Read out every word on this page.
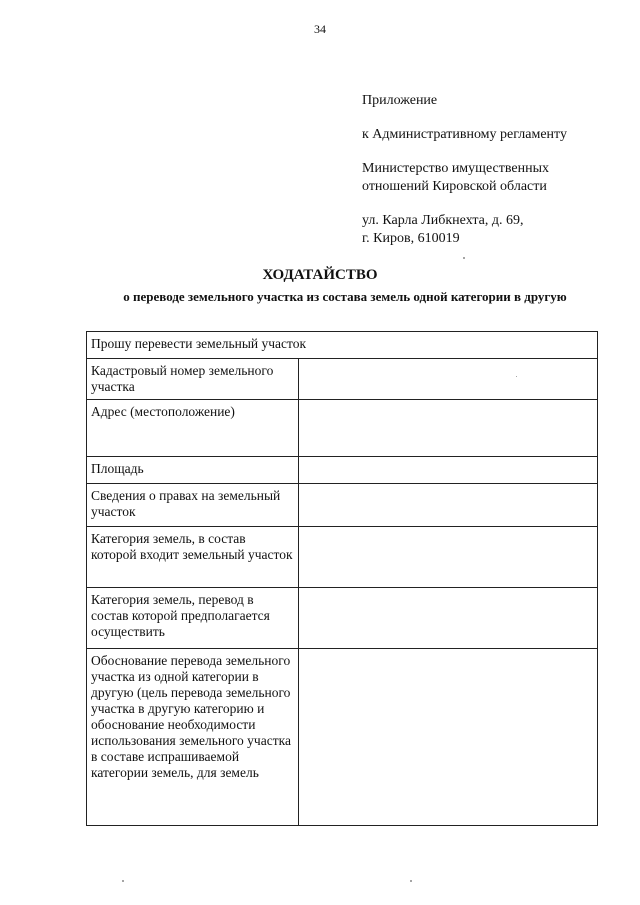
34
Приложение
к Административному регламенту
Министерство имущественных
отношений Кировской области
ул. Карла Либкнехта, д. 69,
г. Киров, 610019
ХОДАТАЙСТВО
о переводе земельного участка из состава земель одной категории в другую
Прошу перевести земельный участок	
Кадастровый номер земельного участка	
Адрес (местоположение)	
Площадь	
Сведения о правах на земельный участок	
Категория земель, в состав которой входит земельный участок	
Категория земель, перевод в состав которой предполагается осуществить	
Обоснование перевода земельного участка из одной категории в другую (цель перевода земельного участка в другую категорию и обоснование необходимости использования земельного участка в составе испрашиваемой категории земель, для земель	
